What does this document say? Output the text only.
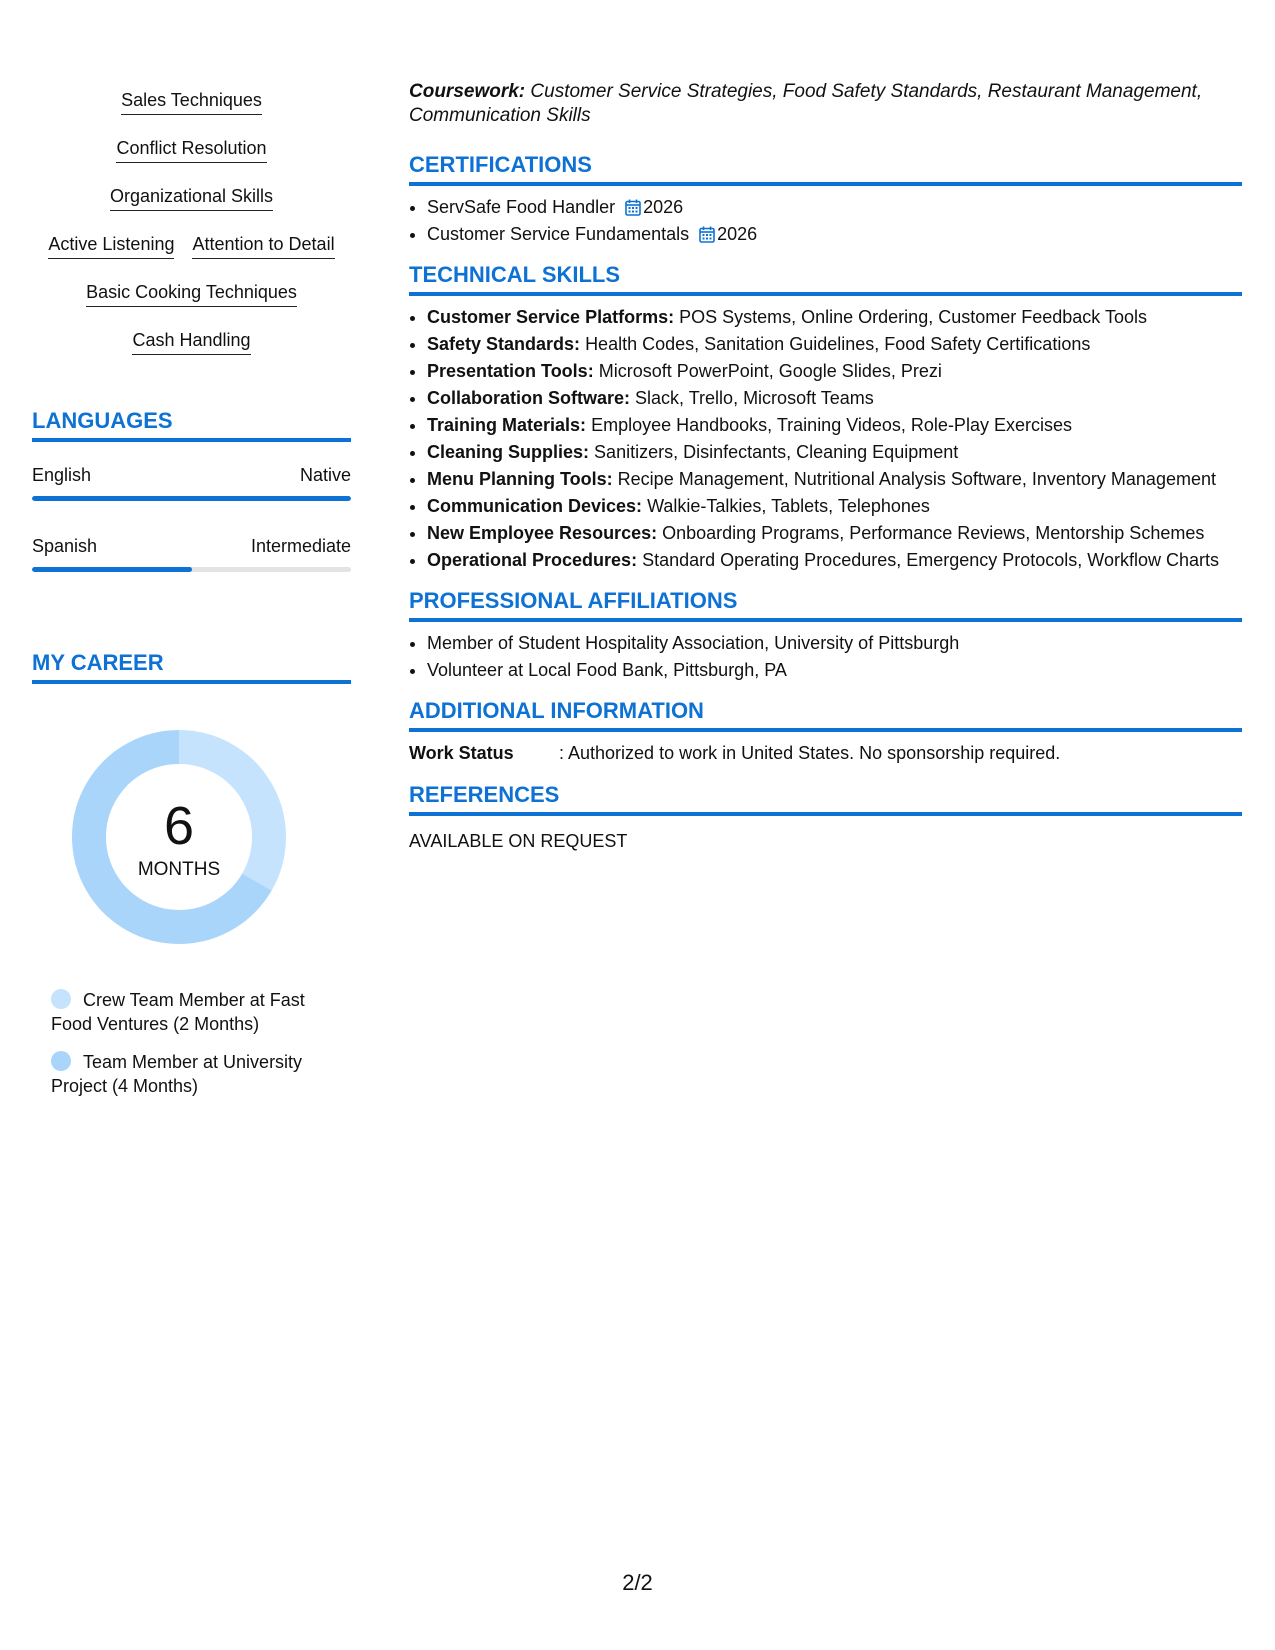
Sales Techniques
Conflict Resolution
Organizational Skills
Active Listening Attention to Detail
Basic Cooking Techniques
Cash Handling
LANGUAGES
English	Native
Spanish	Intermediate
MY CAREER
6
MONTHS
Crew Team Member at Fast Food Ventures (2 Months)
Team Member at University Project (4 Months)
Coursework: Customer Service Strategies, Food Safety Standards, Restaurant Management, Communication Skills
CERTIFICATIONS
• ServSafe Food Handler 2026
• Customer Service Fundamentals 2026
TECHNICAL SKILLS
• Customer Service Platforms: POS Systems, Online Ordering, Customer Feedback Tools
• Safety Standards: Health Codes, Sanitation Guidelines, Food Safety Certifications
• Presentation Tools: Microsoft PowerPoint, Google Slides, Prezi
• Collaboration Software: Slack, Trello, Microsoft Teams
• Training Materials: Employee Handbooks, Training Videos, Role-Play Exercises
• Cleaning Supplies: Sanitizers, Disinfectants, Cleaning Equipment
• Menu Planning Tools: Recipe Management, Nutritional Analysis Software, Inventory Management
• Communication Devices: Walkie-Talkies, Tablets, Telephones
• New Employee Resources: Onboarding Programs, Performance Reviews, Mentorship Schemes
• Operational Procedures: Standard Operating Procedures, Emergency Protocols, Workflow Charts
PROFESSIONAL AFFILIATIONS
• Member of Student Hospitality Association, University of Pittsburgh
• Volunteer at Local Food Bank, Pittsburgh, PA
ADDITIONAL INFORMATION
Work Status	: Authorized to work in United States. No sponsorship required.
REFERENCES
AVAILABLE ON REQUEST
2/2
